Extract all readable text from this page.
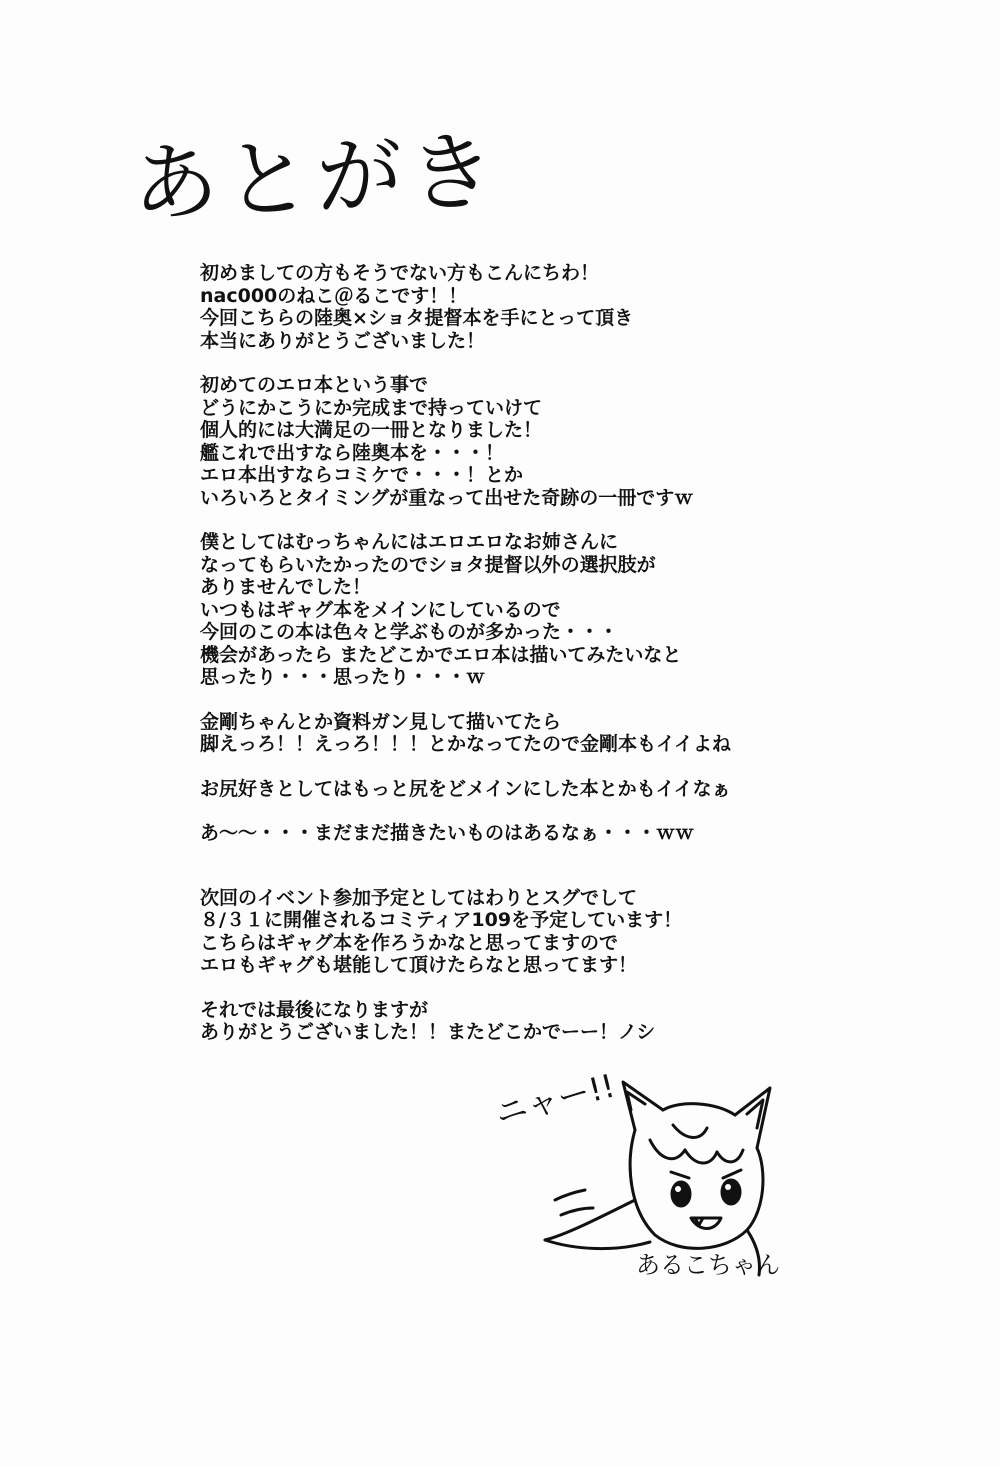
あとがき
初めましての方もそうでない方もこんにちわ！
nac000のねこ＠るこです！！
今回こちらの陸奥×ショタ提督本を手にとって頂き
本当にありがとうございました！
初めてのエロ本という事で
どうにかこうにか完成まで持っていけて
個人的には大満足の一冊となりました！
艦これで出すなら陸奥本を・・・！
エロ本出すならコミケで・・・！とか
いろいろとタイミングが重なって出せた奇跡の一冊ですｗ
僕としてはむっちゃんにはエロエロなお姉さんに
なってもらいたかったのでショタ提督以外の選択肢が
ありませんでした！
いつもはギャグ本をメインにしているので
今回のこの本は色々と学ぶものが多かった・・・
機会があったら またどこかでエロ本は描いてみたいなと
思ったり・・・思ったり・・・ｗ
金剛ちゃんとか資料ガン見して描いてたら
脚えっろ！！えっろ！！！とかなってたので金剛本もイイよね
お尻好きとしてはもっと尻をどメインにした本とかもイイなぁ
あ〜〜・・・まだまだ描きたいものはあるなぁ・・・ｗｗ
次回のイベント参加予定としてはわりとスグでして
８/３１に開催されるコミティア109を予定しています！
こちらはギャグ本を作ろうかなと思ってますので
エロもギャグも堪能して頂けたらなと思ってます！
それでは最後になりますが
ありがとうございました！！またどこかでーー！ノシ
ニャー!!
あるこちゃん
